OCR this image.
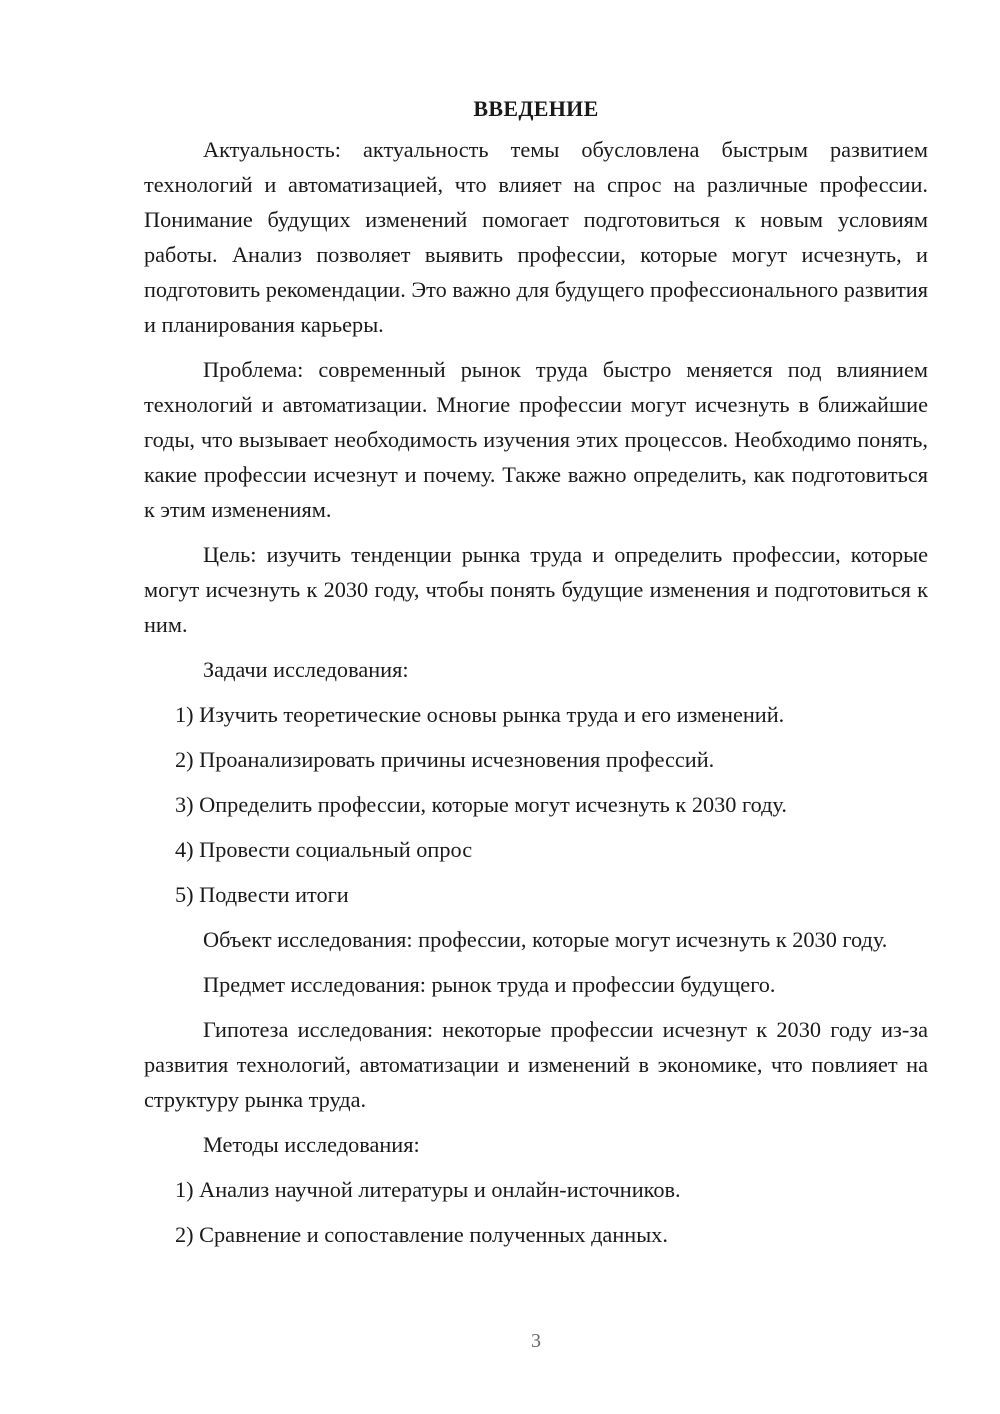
ВВЕДЕНИЕ

Актуальность: актуальность темы обусловлена быстрым развитием технологий и автоматизацией, что влияет на спрос на различные профессии. Понимание будущих изменений помогает подготовиться к новым условиям работы. Анализ позволяет выявить профессии, которые могут исчезнуть, и подготовить рекомендации. Это важно для будущего профессионального развития и планирования карьеры.

Проблема: современный рынок труда быстро меняется под влиянием технологий и автоматизации. Многие профессии могут исчезнуть в ближайшие годы, что вызывает необходимость изучения этих процессов. Необходимо понять, какие профессии исчезнут и почему. Также важно определить, как подготовиться к этим изменениям.

Цель: изучить тенденции рынка труда и определить профессии, которые могут исчезнуть к 2030 году, чтобы понять будущие изменения и подготовиться к ним.

Задачи исследования:

1) Изучить теоретические основы рынка труда и его изменений.

2) Проанализировать причины исчезновения профессий.

3) Определить профессии, которые могут исчезнуть к 2030 году.

4) Провести социальный опрос

5) Подвести итоги

Объект исследования: профессии, которые могут исчезнуть к 2030 году.

Предмет исследования: рынок труда и профессии будущего.

Гипотеза исследования: некоторые профессии исчезнут к 2030 году из-за развития технологий, автоматизации и изменений в экономике, что повлияет на структуру рынка труда.

Методы исследования:

1) Анализ научной литературы и онлайн-источников.

2) Сравнение и сопоставление полученных данных.

3
